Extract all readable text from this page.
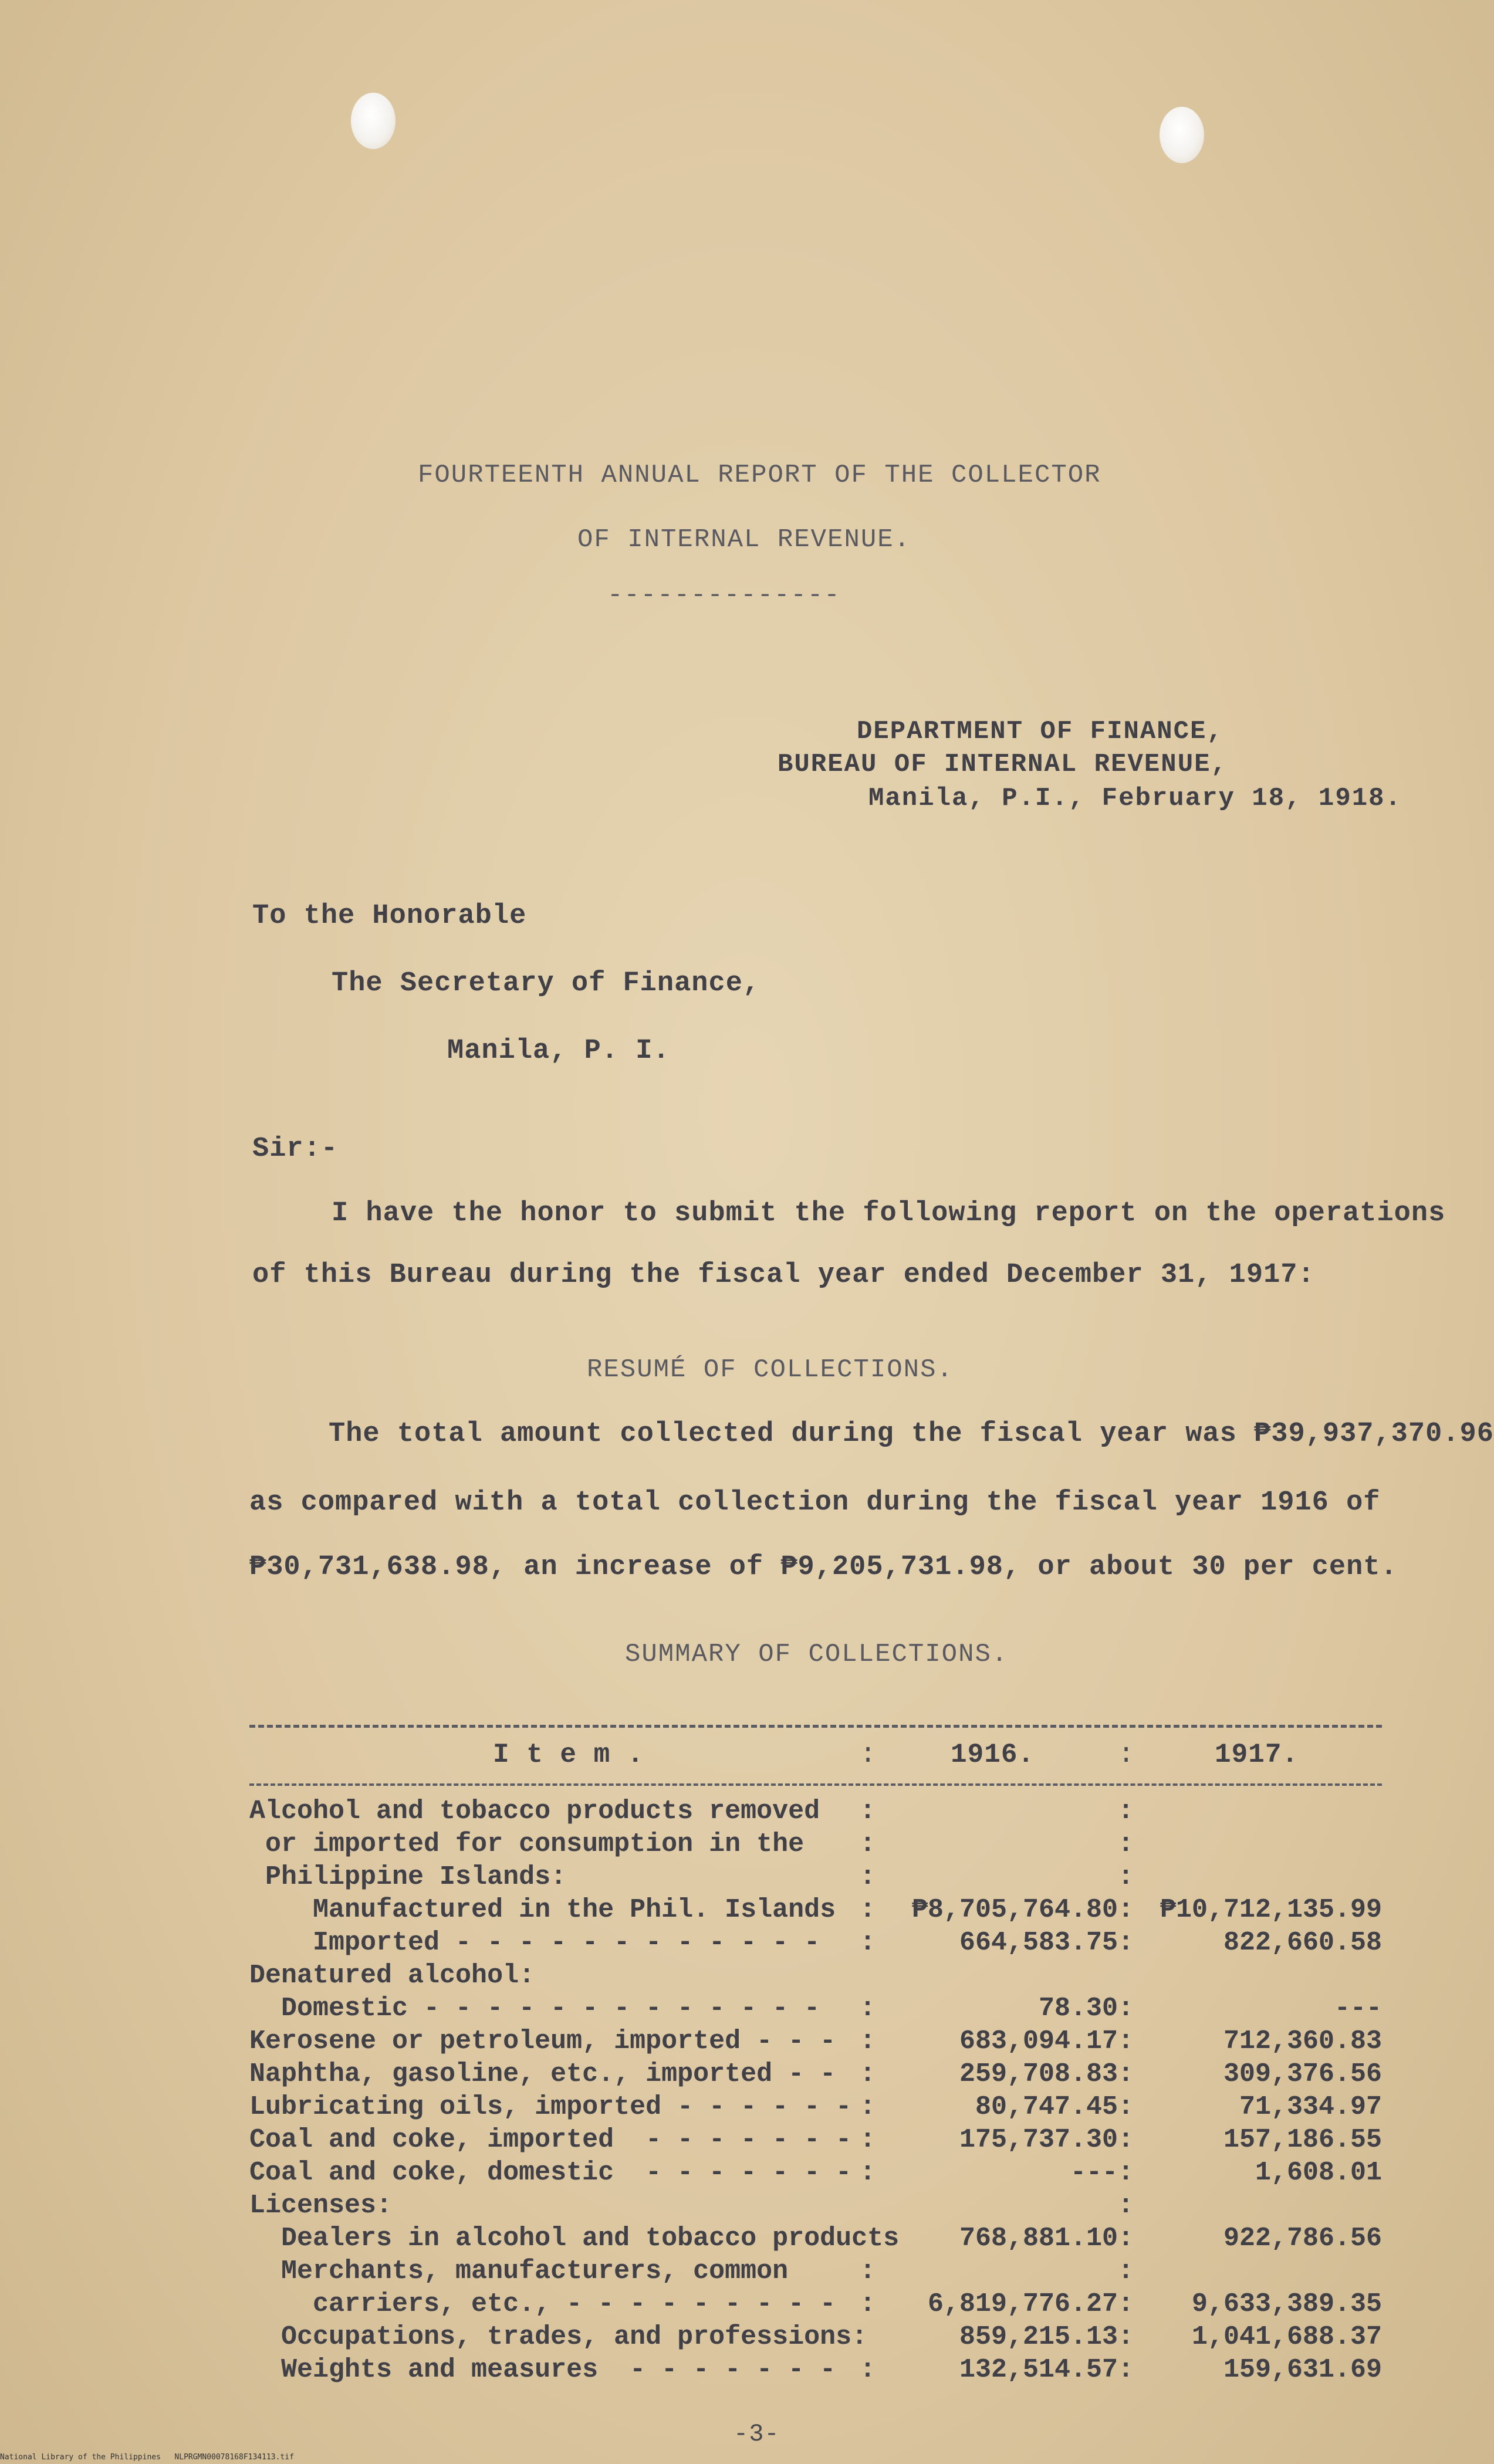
FOURTEENTH ANNUAL REPORT OF THE COLLECTOR
OF INTERNAL REVENUE.
--------------
DEPARTMENT OF FINANCE,
BUREAU OF INTERNAL REVENUE,
Manila, P.I., February 18, 1918.
To the Honorable
The Secretary of Finance,
Manila, P. I.
Sir:-
I have the honor to submit the following report on the operations
of this Bureau during the fiscal year ended December 31, 1917:
RESUMÉ OF COLLECTIONS.
The total amount collected during the fiscal year was ₱39,937,370.96
as compared with a total collection during the fiscal year 1916 of
₱30,731,638.98, an increase of ₱9,205,731.98, or about 30 per cent.
SUMMARY OF COLLECTIONS.
I t e m .	1916.	1917.
:	:
Alcohol and tobacco products removed :	:
or imported for consumption in the :	:
Philippine Islands:	:	:
Manufactured in the Phil. Islands :	₱8,705,764.80 : ₱10,712,135.99
Imported - - - - - - - - - - - - :	664,583.75 :	822,660.58
Denatured alcohol:
Domestic - - - - - - - - - - - - - :	78.30 :	---
Kerosene or petroleum, imported - - - :	683,094.17 :	712,360.83
Naphtha, gasoline, etc., imported - - :	259,708.83 :	309,376.56
Lubricating oils, imported - - - - - - :	80,747.45 :	71,334.97
Coal and coke, imported  - - - - - - - :	175,737.30 :	157,186.55
Coal and coke, domestic  - - - - - - - :	--- :	1,608.01
Licenses:	:
Dealers in alcohol and tobacco products	768,881.10 :	922,786.56
Merchants, manufacturers, common	:	:
carriers, etc., - - - - - - - - - :	6,819,776.27 :	9,633,389.35
Occupations, trades, and professions:	859,215.13 :	1,041,688.37
Weights and measures  - - - - - - - :	132,514.57 :	159,631.69
-3-
National Library of the Philippines   NLPRGMN00078168F134113.tif
